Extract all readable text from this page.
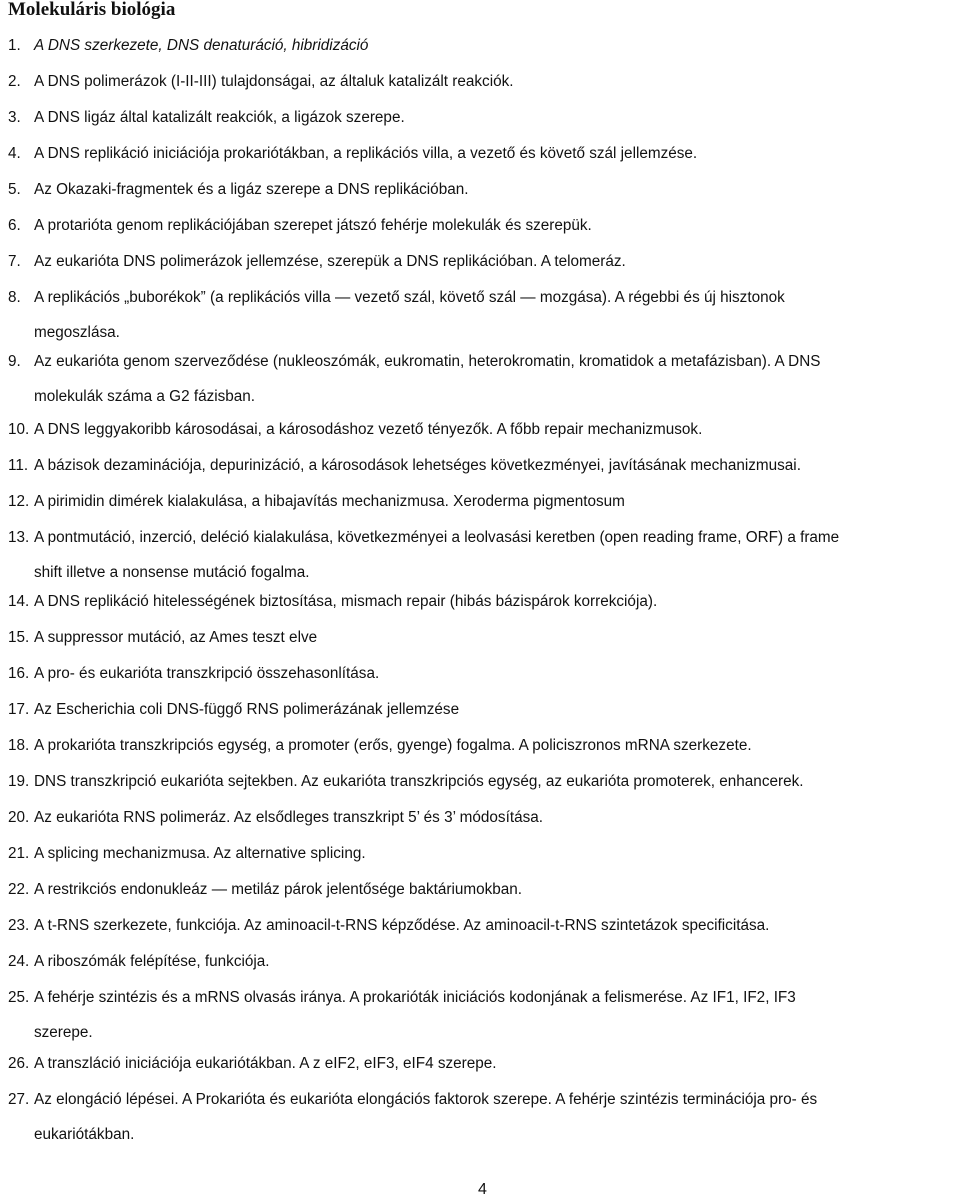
Molekuláris biológia
1. A DNS szerkezete, DNS denaturáció, hibridizáció
2. A DNS polimerázok (I-II-III) tulajdonságai, az általuk katalizált reakciók.
3. A DNS ligáz által katalizált reakciók, a ligázok szerepe.
4. A DNS replikáció iniciációja prokariótákban, a replikációs villa, a vezető és követő szál jellemzése.
5. Az Okazaki-fragmentek és a ligáz szerepe a DNS replikációban.
6. A protarióta genom replikációjában szerepet játszó fehérje molekulák és szerepük.
7. Az eukarióta DNS polimerázok jellemzése, szerepük a DNS replikációban. A telomeráz.
8. A replikációs „buborékok” (a replikációs villa — vezető szál, követő szál — mozgása). A régebbi és új hisztonok
megoszlása.
9. Az eukarióta genom szerveződése (nukleoszómák, eukromatin, heterokromatin, kromatidok a metafázisban). A DNS
molekulák száma a G2 fázisban.
10. A DNS leggyakoribb károsodásai, a károsodáshoz vezető tényezők. A főbb repair mechanizmusok.
11. A bázisok dezaminációja, depurinizáció, a károsodások lehetséges következményei, javításának mechanizmusai.
12. A pirimidin dimérek kialakulása, a hibajavítás mechanizmusa. Xeroderma pigmentosum
13. A pontmutáció, inzerció, deléció kialakulása, következményei a leolvasási keretben (open reading frame, ORF) a frame
shift illetve a nonsense mutáció fogalma.
14. A DNS replikáció hitelességének biztosítása, mismach repair (hibás bázispárok korrekciója).
15. A suppressor mutáció, az Ames teszt elve
16. A pro- és eukarióta transzkripció összehasonlítása.
17. Az Escherichia coli DNS-függő RNS polimerázának jellemzése
18. A prokarióta transzkripciós egység, a promoter (erős, gyenge) fogalma. A policiszronos mRNA szerkezete.
19. DNS transzkripció eukarióta sejtekben. Az eukarióta transzkripciós egység, az eukarióta promoterek, enhancerek.
20. Az eukarióta RNS polimeráz. Az elsődleges transzkript 5’ és 3’ módosítása.
21. A splicing mechanizmusa. Az alternative splicing.
22. A restrikciós endonukleáz — metiláz párok jelentősége baktáriumokban.
23. A t-RNS szerkezete, funkciója. Az aminoacil-t-RNS képződése. Az aminoacil-t-RNS szintetázok specificitása.
24. A riboszómák felépítése, funkciója.
25. A fehérje szintézis és a mRNS olvasás iránya. A prokarióták iniciációs kodonjának a felismerése. Az IF1, IF2, IF3
szerepe.
26. A transzláció iniciációja eukariótákban. A z eIF2, eIF3, eIF4 szerepe.
27. Az elongáció lépései. A Prokarióta és eukarióta elongációs faktorok szerepe. A fehérje szintézis terminációja pro- és
eukariótákban.
4
